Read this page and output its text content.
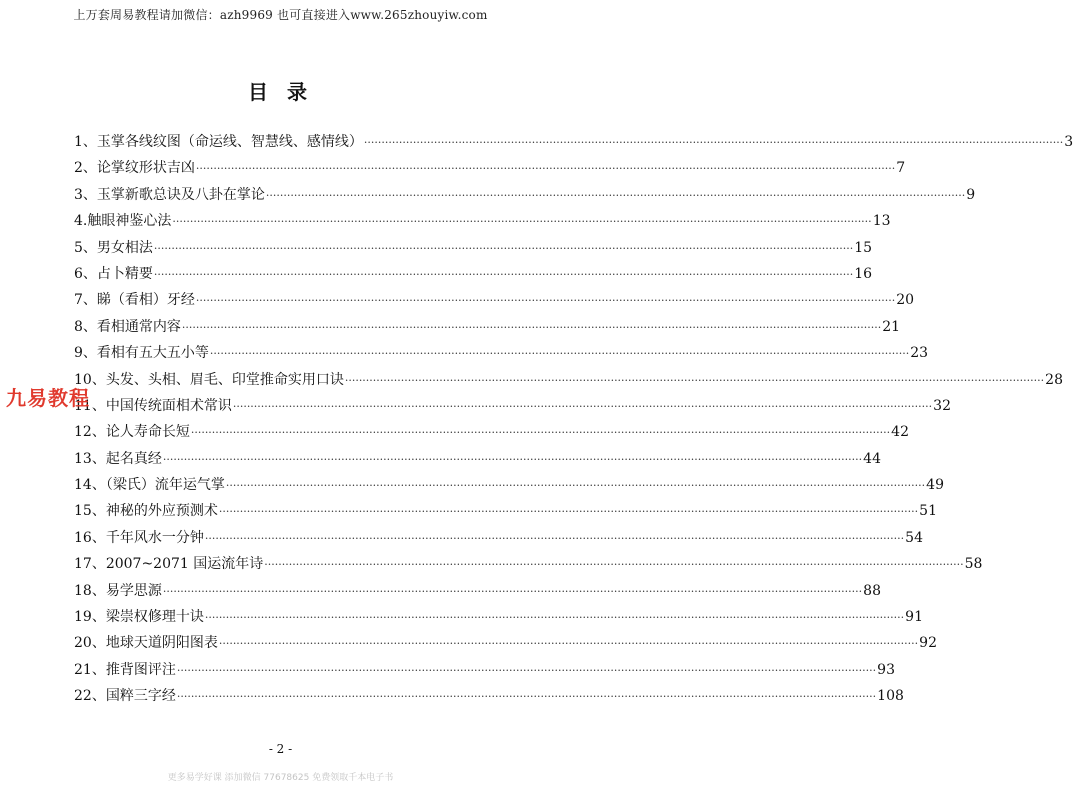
上万套周易教程请加微信：azh9969 也可直接进入www.265zhouyiw.com
目 录
1、玉掌各线纹图（命运线、智慧线、感情线） ········································································································································································································ 3
2、论掌纹形状吉凶 ········································································································································································································ 7
3、玉掌新歌总诀及八卦在掌论 ········································································································································································································ 9
4.触眼神鉴心法 ········································································································································································································ 13
5、男女相法 ········································································································································································································ 15
6、占卜精要 ········································································································································································································ 16
7、睇（看相）牙经 ········································································································································································································ 20
8、看相通常内容 ········································································································································································································ 21
9、看相有五大五小等 ········································································································································································································ 23
10、头发、头相、眉毛、印堂推命实用口诀 ········································································································································································································ 28
11、中国传统面相术常识 ········································································································································································································ 32
12、论人寿命长短 ········································································································································································································ 42
13、起名真经 ········································································································································································································ 44
14、（梁氏）流年运气掌 ········································································································································································································ 49
15、神秘的外应预测术 ········································································································································································································ 51
16、千年风水一分钟 ········································································································································································································ 54
17、2007~2071 国运流年诗 ········································································································································································································ 58
18、易学思源 ········································································································································································································ 88
19、梁崇权修理十诀 ········································································································································································································ 91
20、地球天道阴阳图表 ········································································································································································································ 92
21、推背图评注 ········································································································································································································ 93
22、国粹三字经 ········································································································································································································ 108
九易教程
- 2 -
更多易学好课 添加微信 77678625 免费领取千本电子书
